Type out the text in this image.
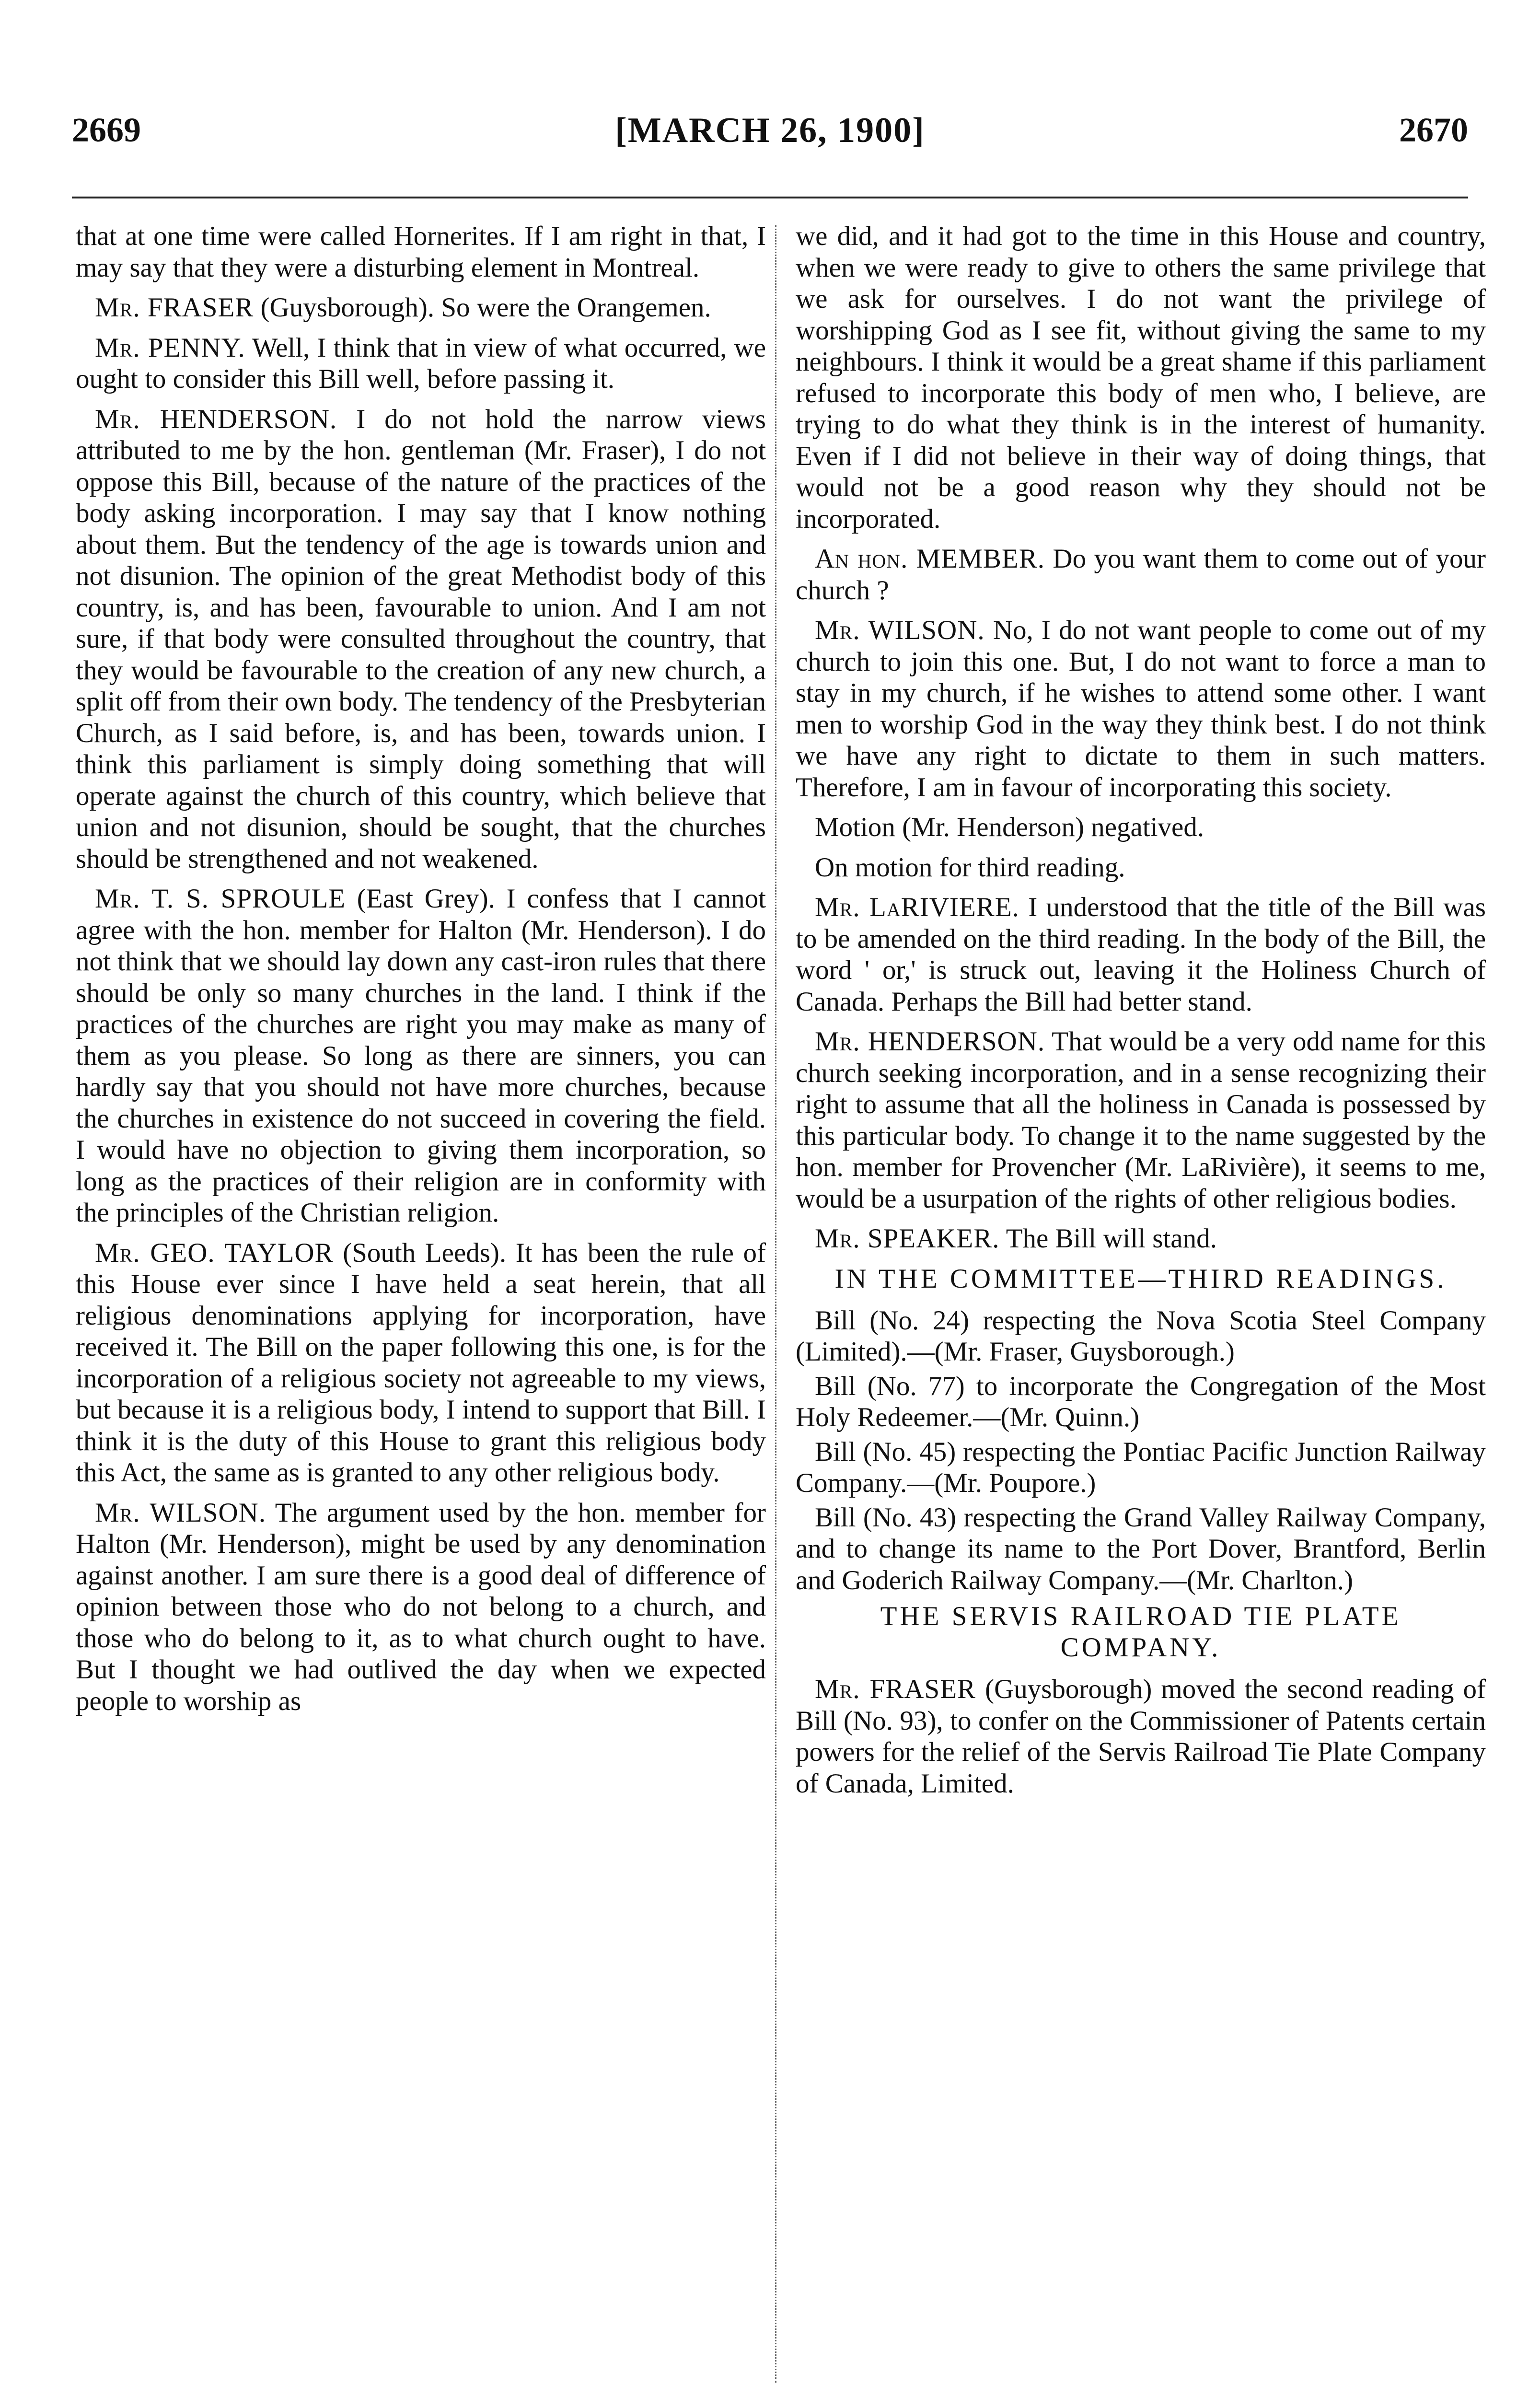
2669	[MARCH 26, 1900]	2670

that at one time were called Hornerites. If I am right in that, I may say that they were a disturbing element in Montreal.

Mr. FRASER (Guysborough). So were the Orangemen.

Mr. PENNY. Well, I think that in view of what occurred, we ought to consider this Bill well, before passing it.

Mr. HENDERSON. I do not hold the narrow views attributed to me by the hon. gentleman (Mr. Fraser), I do not oppose this Bill, because of the nature of the practices of the body asking incorporation. I may say that I know nothing about them. But the tendency of the age is towards union and not disunion. The opinion of the great Methodist body of this country, is, and has been, favourable to union. And I am not sure, if that body were consulted throughout the country, that they would be favourable to the creation of any new church, a split off from their own body. The tendency of the Presbyterian Church, as I said before, is, and has been, towards union. I think this parliament is simply doing something that will operate against the church of this country, which believe that union and not disunion, should be sought, that the churches should be strengthened and not weakened.

Mr. T. S. SPROULE (East Grey). I confess that I cannot agree with the hon. member for Halton (Mr. Henderson). I do not think that we should lay down any cast-iron rules that there should be only so many churches in the land. I think if the practices of the churches are right you may make as many of them as you please. So long as there are sinners, you can hardly say that you should not have more churches, because the churches in existence do not succeed in covering the field. I would have no objection to giving them incorporation, so long as the practices of their religion are in conformity with the principles of the Christian religion.

Mr. GEO. TAYLOR (South Leeds). It has been the rule of this House ever since I have held a seat herein, that all religious denominations applying for incorporation, have received it. The Bill on the paper following this one, is for the incorporation of a religious society not agreeable to my views, but because it is a religious body, I intend to support that Bill. I think it is the duty of this House to grant this religious body this Act, the same as is granted to any other religious body.

Mr. WILSON. The argument used by the hon. member for Halton (Mr. Henderson), might be used by any denomination against another. I am sure there is a good deal of difference of opinion between those who do not belong to a church, and those who do belong to it, as to what church ought to have. But I thought we had outlived the day when we expected people to worship as

we did, and it had got to the time in this House and country, when we were ready to give to others the same privilege that we ask for ourselves. I do not want the privilege of worshipping God as I see fit, without giving the same to my neighbours. I think it would be a great shame if this parliament refused to incorporate this body of men who, I believe, are trying to do what they think is in the interest of humanity. Even if I did not believe in their way of doing things, that would not be a good reason why they should not be incorporated.

An hon. MEMBER. Do you want them to come out of your church ?

Mr. WILSON. No, I do not want people to come out of my church to join this one. But, I do not want to force a man to stay in my church, if he wishes to attend some other. I want men to worship God in the way they think best. I do not think we have any right to dictate to them in such matters. Therefore, I am in favour of incorporating this society.

Motion (Mr. Henderson) negatived.

On motion for third reading.

Mr. LaRIVIERE. I understood that the title of the Bill was to be amended on the third reading. In the body of the Bill, the word ' or,' is struck out, leaving it the Holiness Church of Canada. Perhaps the Bill had better stand.

Mr. HENDERSON. That would be a very odd name for this church seeking incorporation, and in a sense recognizing their right to assume that all the holiness in Canada is possessed by this particular body. To change it to the name suggested by the hon. member for Provencher (Mr. LaRivière), it seems to me, would be a usurpation of the rights of other religious bodies.

Mr. SPEAKER. The Bill will stand.

IN THE COMMITTEE—THIRD READINGS.

Bill (No. 24) respecting the Nova Scotia Steel Company (Limited).—(Mr. Fraser, Guysborough.)

Bill (No. 77) to incorporate the Congregation of the Most Holy Redeemer.—(Mr. Quinn.)

Bill (No. 45) respecting the Pontiac Pacific Junction Railway Company.—(Mr. Poupore.)

Bill (No. 43) respecting the Grand Valley Railway Company, and to change its name to the Port Dover, Brantford, Berlin and Goderich Railway Company.—(Mr. Charlton.)

THE SERVIS RAILROAD TIE PLATE COMPANY.

Mr. FRASER (Guysborough) moved the second reading of Bill (No. 93), to confer on the Commissioner of Patents certain powers for the relief of the Servis Railroad Tie Plate Company of Canada, Limited.
